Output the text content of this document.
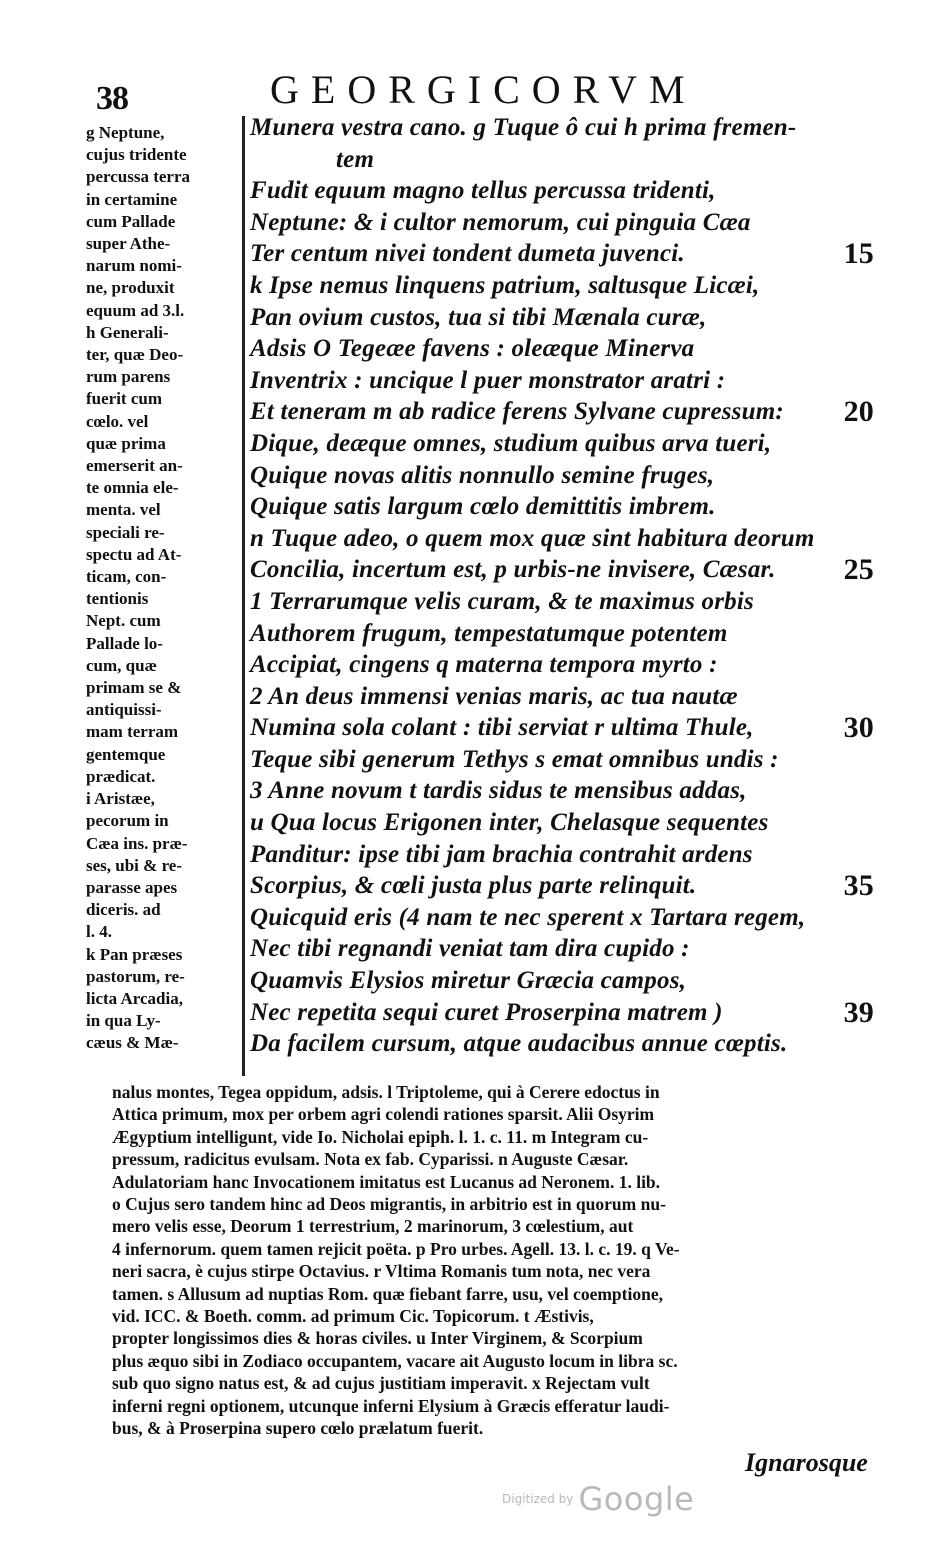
38	GEORGICORVM
g Neptune,
cujus tridente
percussa terra
in certamine
cum Pallade
super Athe-
narum nomi-
ne, produxit
equum ad 3.l.
h Generali-
ter, quæ Deo-
rum parens
fuerit cum
cœlo. vel
quæ prima
emerserit an-
te omnia ele-
menta. vel
speciali re-
spectu ad At-
ticam, con-
tentionis
Nept. cum
Pallade lo-
cum, quæ
primam se &
antiquissi-
mam terram
gentemque
prædicat.
i Aristæe,
pecorum in
Cæa ins. præ-
ses, ubi & re-
parasse apes
diceris. ad
l. 4.
k Pan præses
pastorum, re-
licta Arcadia,
in qua Ly-
cæus & Mæ-
Munera vestra cano. g Tuque ô cui h prima fremen-
tem
Fudit equum magno tellus percussa tridenti,
Neptune: & i cultor nemorum, cui pinguia Cæa
Ter centum nivei tondent dumeta juvenci.	15
k Ipse nemus linquens patrium, saltusque Licæi,
Pan ovium custos, tua si tibi Mænala curæ,
Adsis O Tegeæe favens : oleæque Minerva
Inventrix : uncique l puer monstrator aratri :
Et teneram m ab radice ferens Sylvane cupressum: 20
Dique, deæque omnes, studium quibus arva tueri,
Quique novas alitis nonnullo semine fruges,
Quique satis largum cœlo demittitis imbrem.
n Tuque adeo, o quem mox quæ sint habitura deorum
Concilia, incertum est, p urbis-ne invisere, Cæsar. 25
1 Terrarumque velis curam, & te maximus orbis
Authorem frugum, tempestatumque potentem
Accipiat, cingens q materna tempora myrto :
2 An deus immensi venias maris, ac tua nautæ
Numina sola colant : tibi serviat r ultima Thule,	30
Teque sibi generum Tethys s emat omnibus undis :
3 Anne novum t tardis sidus te mensibus addas,
u Qua locus Erigonen inter, Chelasque sequentes
Panditur: ipse tibi jam brachia contrahit ardens
Scorpius, & cœli justa plus parte relinquit.	35
Quicquid eris (4 nam te nec sperent x Tartara regem,
Nec tibi regnandi veniat tam dira cupido :
Quamvis Elysios miretur Græcia campos,
Nec repetita sequi curet Proserpina matrem )	39
Da facilem cursum, atque audacibus annue cœptis.
nalus montes, Tegea oppidum, adsis. l Triptoleme, qui à Cerere edoctus in
Attica primum, mox per orbem agri colendi rationes sparsit. Alii Osyrim
Ægyptium intelligunt, vide Io. Nicholai epiph. l. 1. c. 11. m Integram cu-
pressum, radicitus evulsam. Nota ex fab. Cyparissi. n Auguste Cæsar.
Adulatoriam hanc Invocationem imitatus est Lucanus ad Neronem. 1. lib.
o Cujus sero tandem hinc ad Deos migrantis, in arbitrio est in quorum nu-
mero velis esse, Deorum 1 terrestrium, 2 marinorum, 3 cœlestium, aut
4 infernorum. quem tamen rejicit poëta. p Pro urbes. Agell. 13. l. c. 19. q Ve-
neri sacra, è cujus stirpe Octavius. r Vltima Romanis tum nota, nec vera
tamen. s Allusum ad nuptias Rom. quæ fiebant farre, usu, vel coemptione,
vid. ICC. & Boeth. comm. ad primum Cic. Topicorum. t Æstivis,
propter longissimos dies & horas civiles. u Inter Virginem, & Scorpium
plus æquo sibi in Zodiaco occupantem, vacare ait Augusto locum in libra sc.
sub quo signo natus est, & ad cujus justitiam imperavit. x Rejectam vult
inferni regni optionem, utcunque inferni Elysium à Græcis efferatur laudi-
bus, & à Proserpina supero cœlo prælatum fuerit.
Ignarosque
Digitized by Google
